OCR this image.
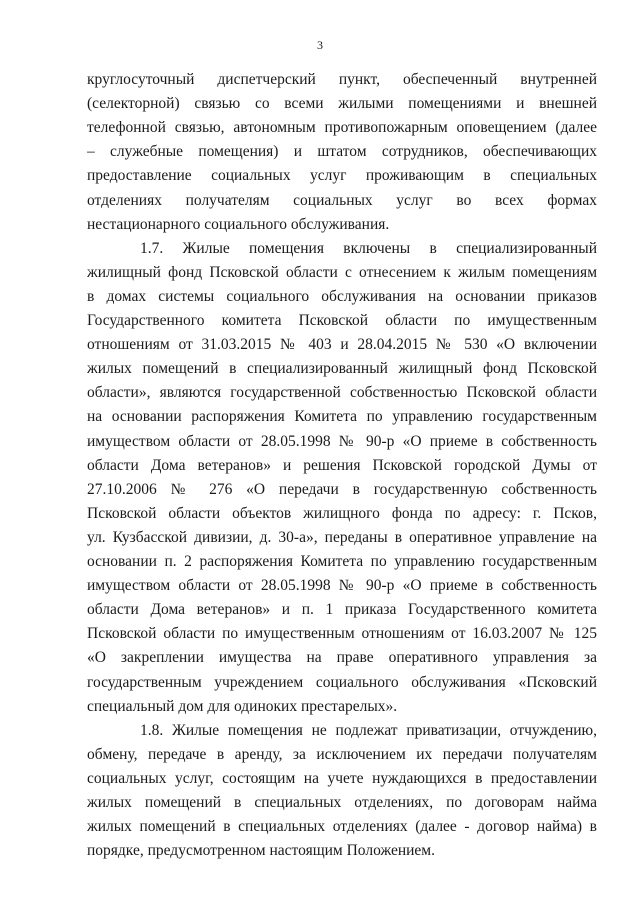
3
круглосуточный диспетчерский пункт, обеспеченный внутренней
(селекторной) связью со всеми жилыми помещениями и внешней
телефонной связью, автономным противопожарным оповещением (далее
– служебные помещения) и штатом сотрудников, обеспечивающих
предоставление социальных услуг проживающим в специальных
отделениях получателям социальных услуг во всех формах
нестационарного социального обслуживания.
1.7. Жилые помещения включены в специализированный
жилищный фонд Псковской области с отнесением к жилым помещениям
в домах системы социального обслуживания на основании приказов
Государственного комитета Псковской области по имущественным
отношениям от 31.03.2015 № 403 и 28.04.2015 № 530 «О включении
жилых помещений в специализированный жилищный фонд Псковской
области», являются государственной собственностью Псковской области
на основании распоряжения Комитета по управлению государственным
имуществом области от 28.05.1998 № 90-р «О приеме в собственность
области Дома ветеранов» и решения Псковской городской Думы от
27.10.2006 № 276 «О передачи в государственную собственность
Псковской области объектов жилищного фонда по адресу: г. Псков,
ул. Кузбасской дивизии, д. 30-а», переданы в оперативное управление на
основании п. 2 распоряжения Комитета по управлению государственным
имуществом области от 28.05.1998 № 90-р «О приеме в собственность
области Дома ветеранов» и п. 1 приказа Государственного комитета
Псковской области по имущественным отношениям от 16.03.2007 № 125
«О закреплении имущества на праве оперативного управления за
государственным учреждением социального обслуживания «Псковский
специальный дом для одиноких престарелых».
1.8. Жилые помещения не подлежат приватизации, отчуждению,
обмену, передаче в аренду, за исключением их передачи получателям
социальных услуг, состоящим на учете нуждающихся в предоставлении
жилых помещений в специальных отделениях, по договорам найма
жилых помещений в специальных отделениях (далее - договор найма) в
порядке, предусмотренном настоящим Положением.
